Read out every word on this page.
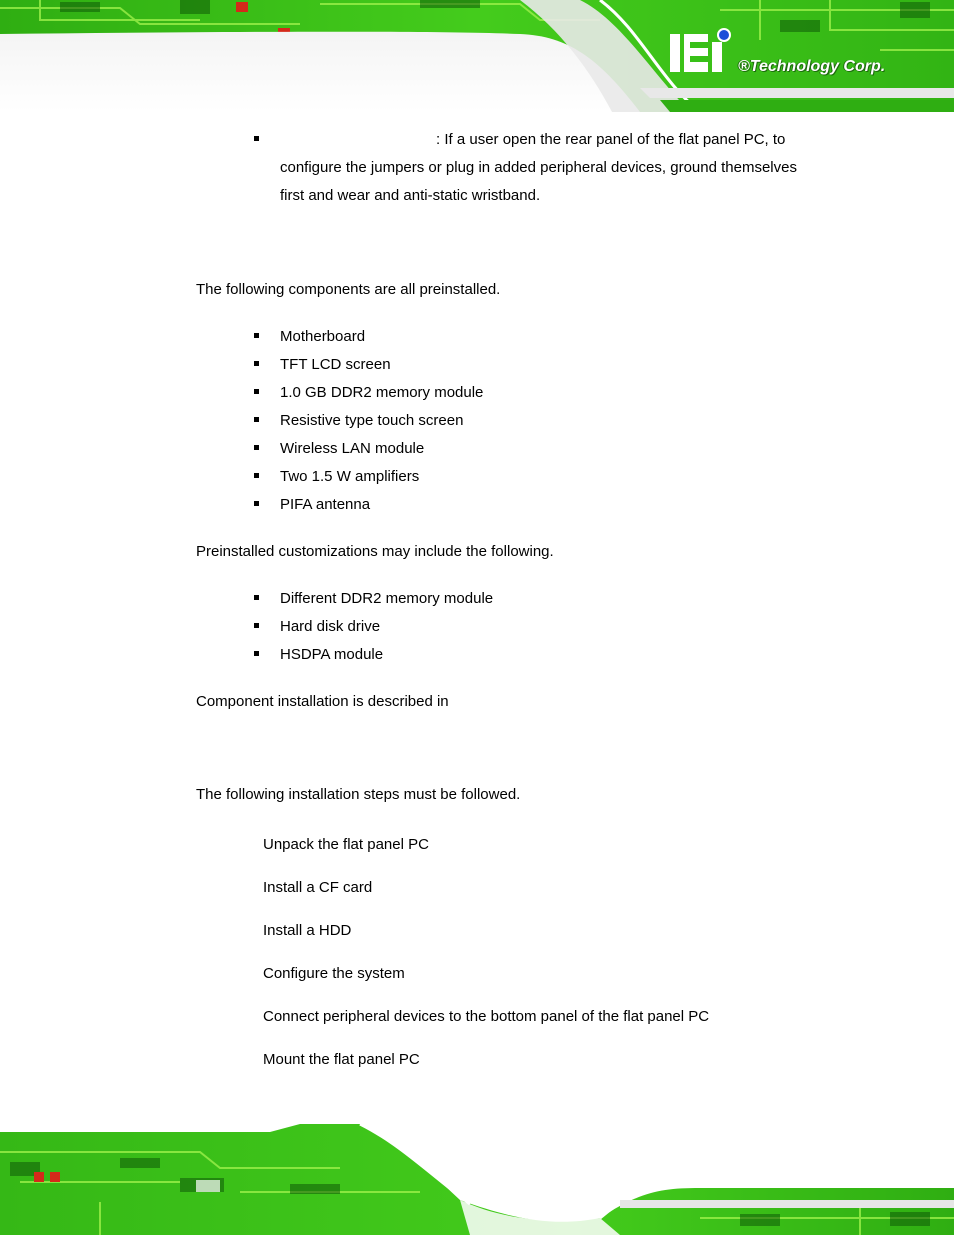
®Technology Corp.
: If a user open the rear panel of the flat panel PC, to
configure the jumpers or plug in added peripheral devices, ground themselves
first and wear and anti-static wristband.
The following components are all preinstalled.
Motherboard
TFT LCD screen
1.0 GB DDR2 memory module
Resistive type touch screen
Wireless LAN module
Two 1.5 W amplifiers
PIFA antenna
Preinstalled customizations may include the following.
Different DDR2 memory module
Hard disk drive
HSDPA module
Component installation is described in
The following installation steps must be followed.
Unpack the flat panel PC
Install a CF card
Install a HDD
Configure the system
Connect peripheral devices to the bottom panel of the flat panel PC
Mount the flat panel PC
